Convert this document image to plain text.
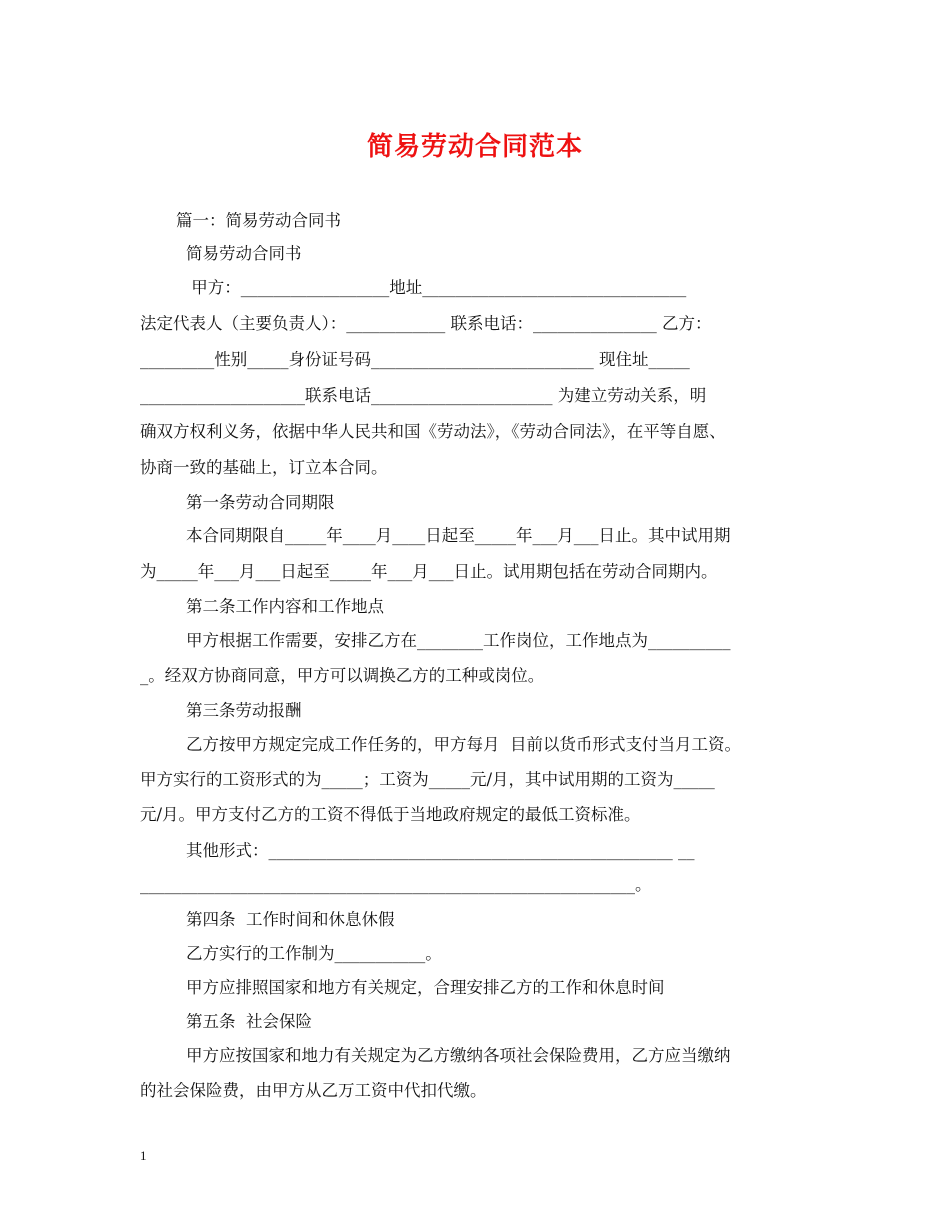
简易劳动合同范本
篇一：简易劳动合同书
简易劳动合同书
甲方：__________________地址________________________________
法定代表人（主要负责人）：____________ 联系电话：_______________ 乙方：
_________性别_____身份证号码___________________________ 现住址_____
____________________联系电话______________________ 为建立劳动关系，明
确双方权利义务，依据中华人民共和国《劳动法》，《劳动合同法》，在平等自愿、
协商一致的基础上，订立本合同。
第一条劳动合同期限
本合同期限自_____年____月____日起至_____年___月___日止。其中试用期
为_____年___月___日起至_____年___月___日止。试用期包括在劳动合同期内。
第二条工作内容和工作地点
甲方根据工作需要，安排乙方在________工作岗位，工作地点为__________
_。经双方协商同意，甲方可以调换乙方的工种或岗位。
第三条劳动报酬
乙方按甲方规定完成工作任务的，甲方每月  目前以货币形式支付当月工资。
甲方实行的工资形式的为_____；工资为_____元/月，其中试用期的工资为_____
元/月。甲方支付乙方的工资不得低于当地政府规定的最低工资标准。
其他形式：_________________________________________________ __
____________________________________________________________。
第四条  工作时间和休息休假
乙方实行的工作制为___________。
甲方应排照国家和地方有关规定，合理安排乙方的工作和休息时间
第五条  社会保险
甲方应按国家和地力有关规定为乙方缴纳各项社会保险费用，乙方应当缴纳
的社会保险费，由甲方从乙万工资中代扣代缴。
1
